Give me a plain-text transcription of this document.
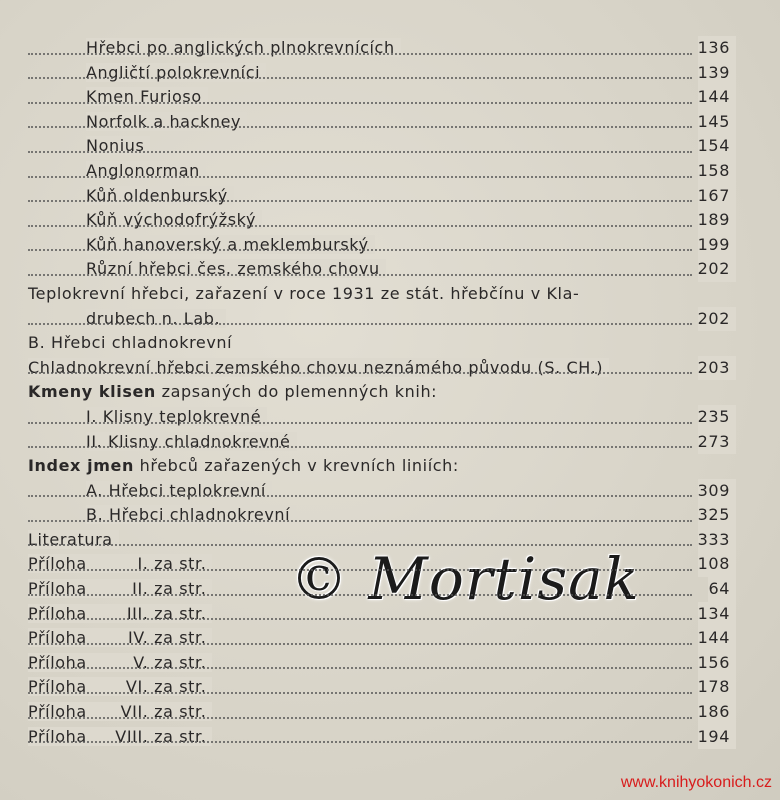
Hřebci po anglických plnokrevnících	136
Angličtí polokrevníci	139
Kmen Furioso	144
Norfolk a hackney	145
Nonius	154
Anglonorman	158
Kůň oldenburský	167
Kůň východofrýžský	189
Kůň hanoverský a meklemburský	199
Různí hřebci čes. zemského chovu	202
Teplokrevní hřebci, zařazení v roce 1931 ze stát. hřebčínu v Kla-
drubech n. Lab.	202
B. Hřebci chladnokrevní
Chladnokrevní hřebci zemského chovu neznámého původu (S. CH.)	203
Kmeny klisen zapsaných do plemenných knih:
I. Klisny teplokrevné	235
II. Klisny chladnokrevné	273
Index jmen hřebců zařazených v krevních liniích:
A. Hřebci teplokrevní	309
B. Hřebci chladnokrevní	325
Literatura	333
Příloha	I. za str.	108
Příloha	II. za str.	64
Příloha	III. za str.	134
Příloha	IV. za str.	144
Příloha	V. za str.	156
Příloha VI. za str.	178
Příloha VII. za str.	186
Příloha VIII. za str.	194
© Mortisak
www.knihyokonich.cz
